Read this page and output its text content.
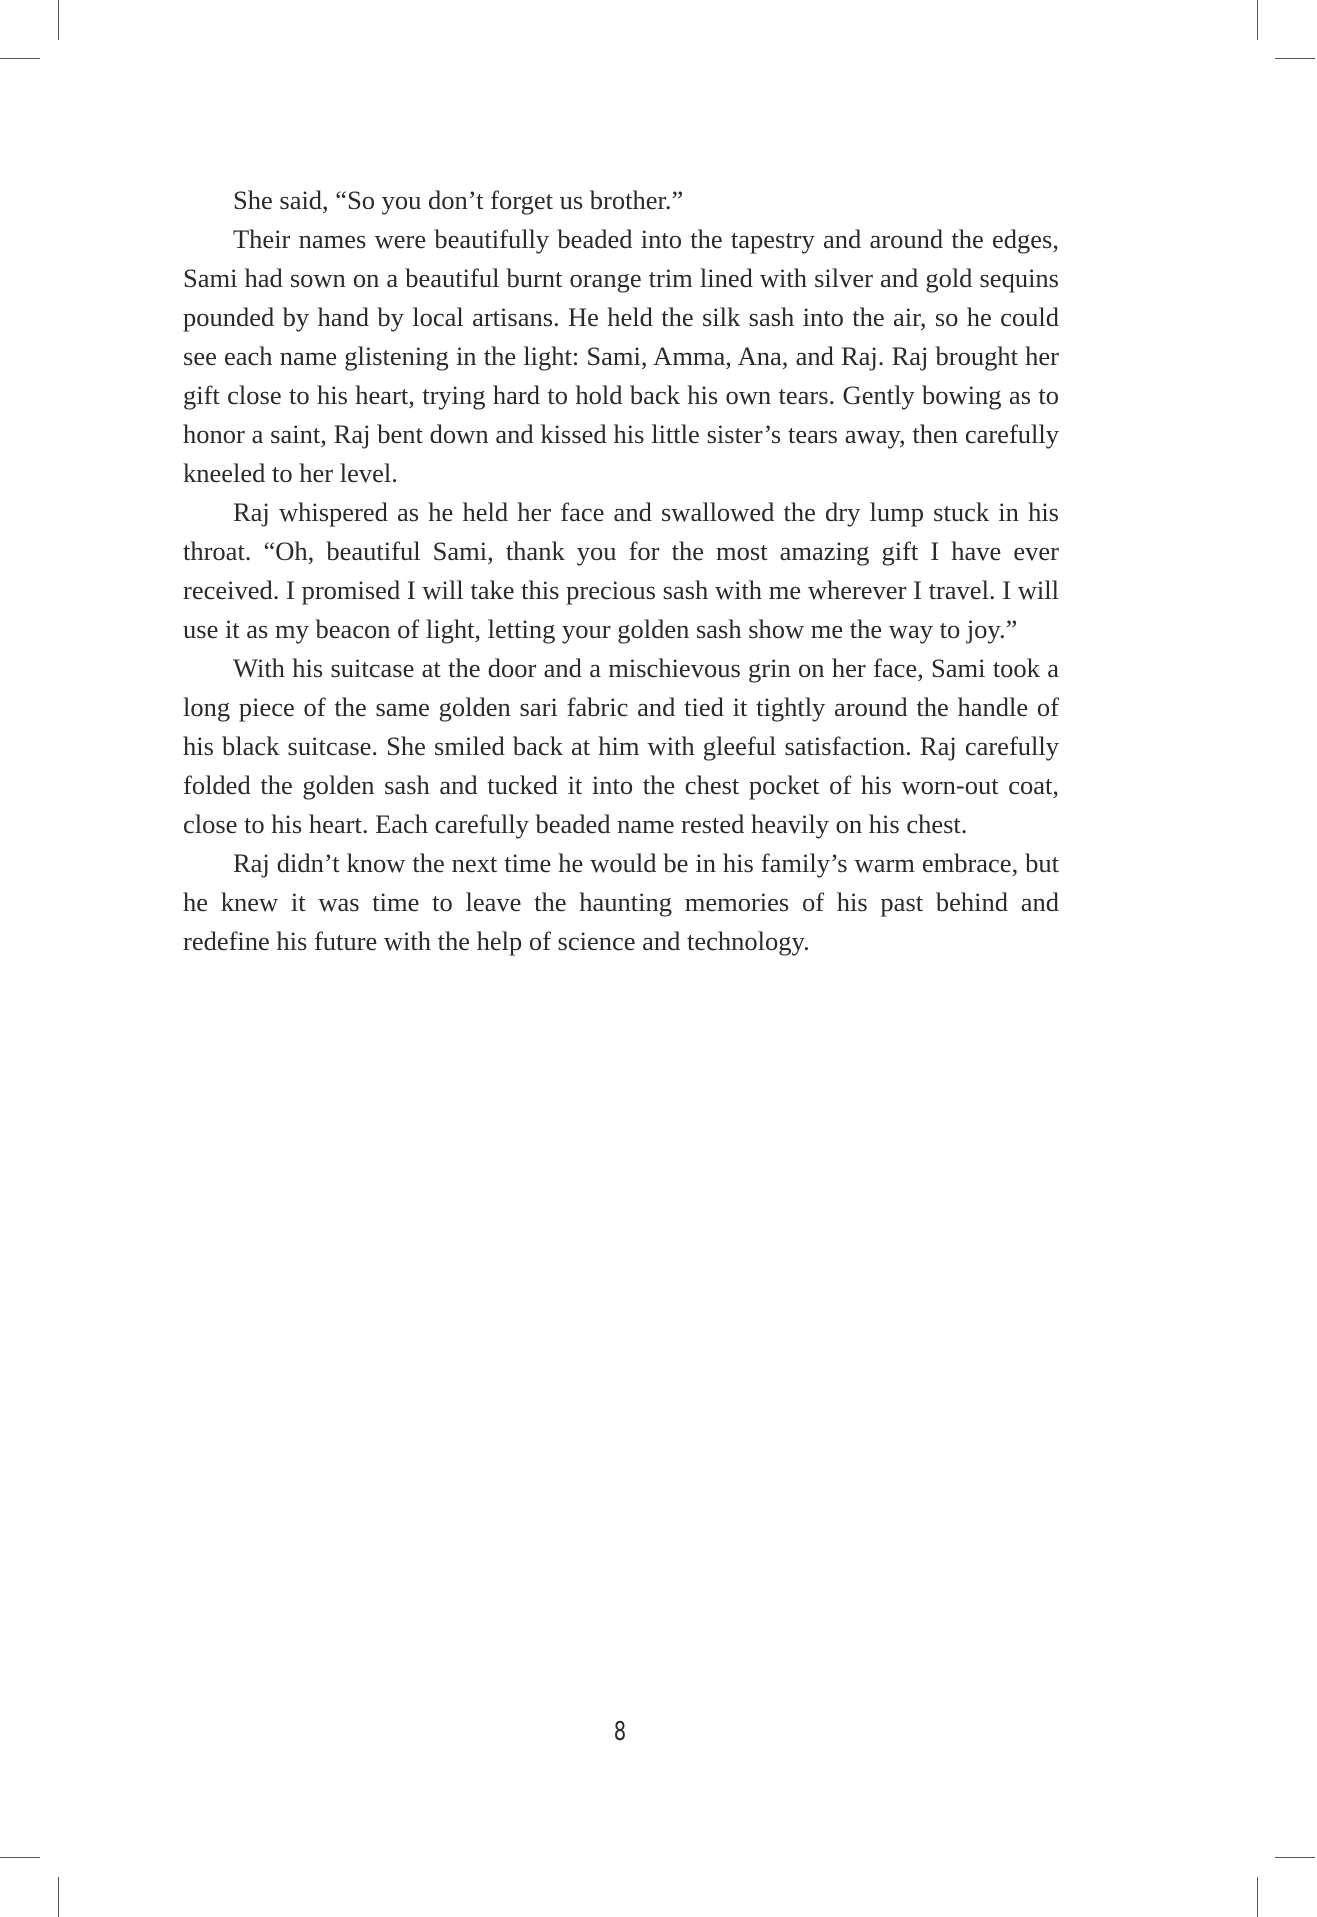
She said, “So you don’t forget us brother.”

Their names were beautifully beaded into the tapestry and around the edges, Sami had sown on a beautiful burnt orange trim lined with silver and gold sequins pounded by hand by local artisans. He held the silk sash into the air, so he could see each name glistening in the light: Sami, Amma, Ana, and Raj. Raj brought her gift close to his heart, trying hard to hold back his own tears. Gently bowing as to honor a saint, Raj bent down and kissed his little sister’s tears away, then carefully kneeled to her level.

Raj whispered as he held her face and swallowed the dry lump stuck in his throat. “Oh, beautiful Sami, thank you for the most amazing gift I have ever received. I promised I will take this precious sash with me wherever I travel. I will use it as my beacon of light, letting your golden sash show me the way to joy.”

With his suitcase at the door and a mischievous grin on her face, Sami took a long piece of the same golden sari fabric and tied it tightly around the handle of his black suitcase. She smiled back at him with gleeful satisfaction. Raj carefully folded the golden sash and tucked it into the chest pocket of his worn-out coat, close to his heart. Each carefully beaded name rested heavily on his chest.

Raj didn’t know the next time he would be in his family’s warm embrace, but he knew it was time to leave the haunting memories of his past behind and redefine his future with the help of science and technology.

8
